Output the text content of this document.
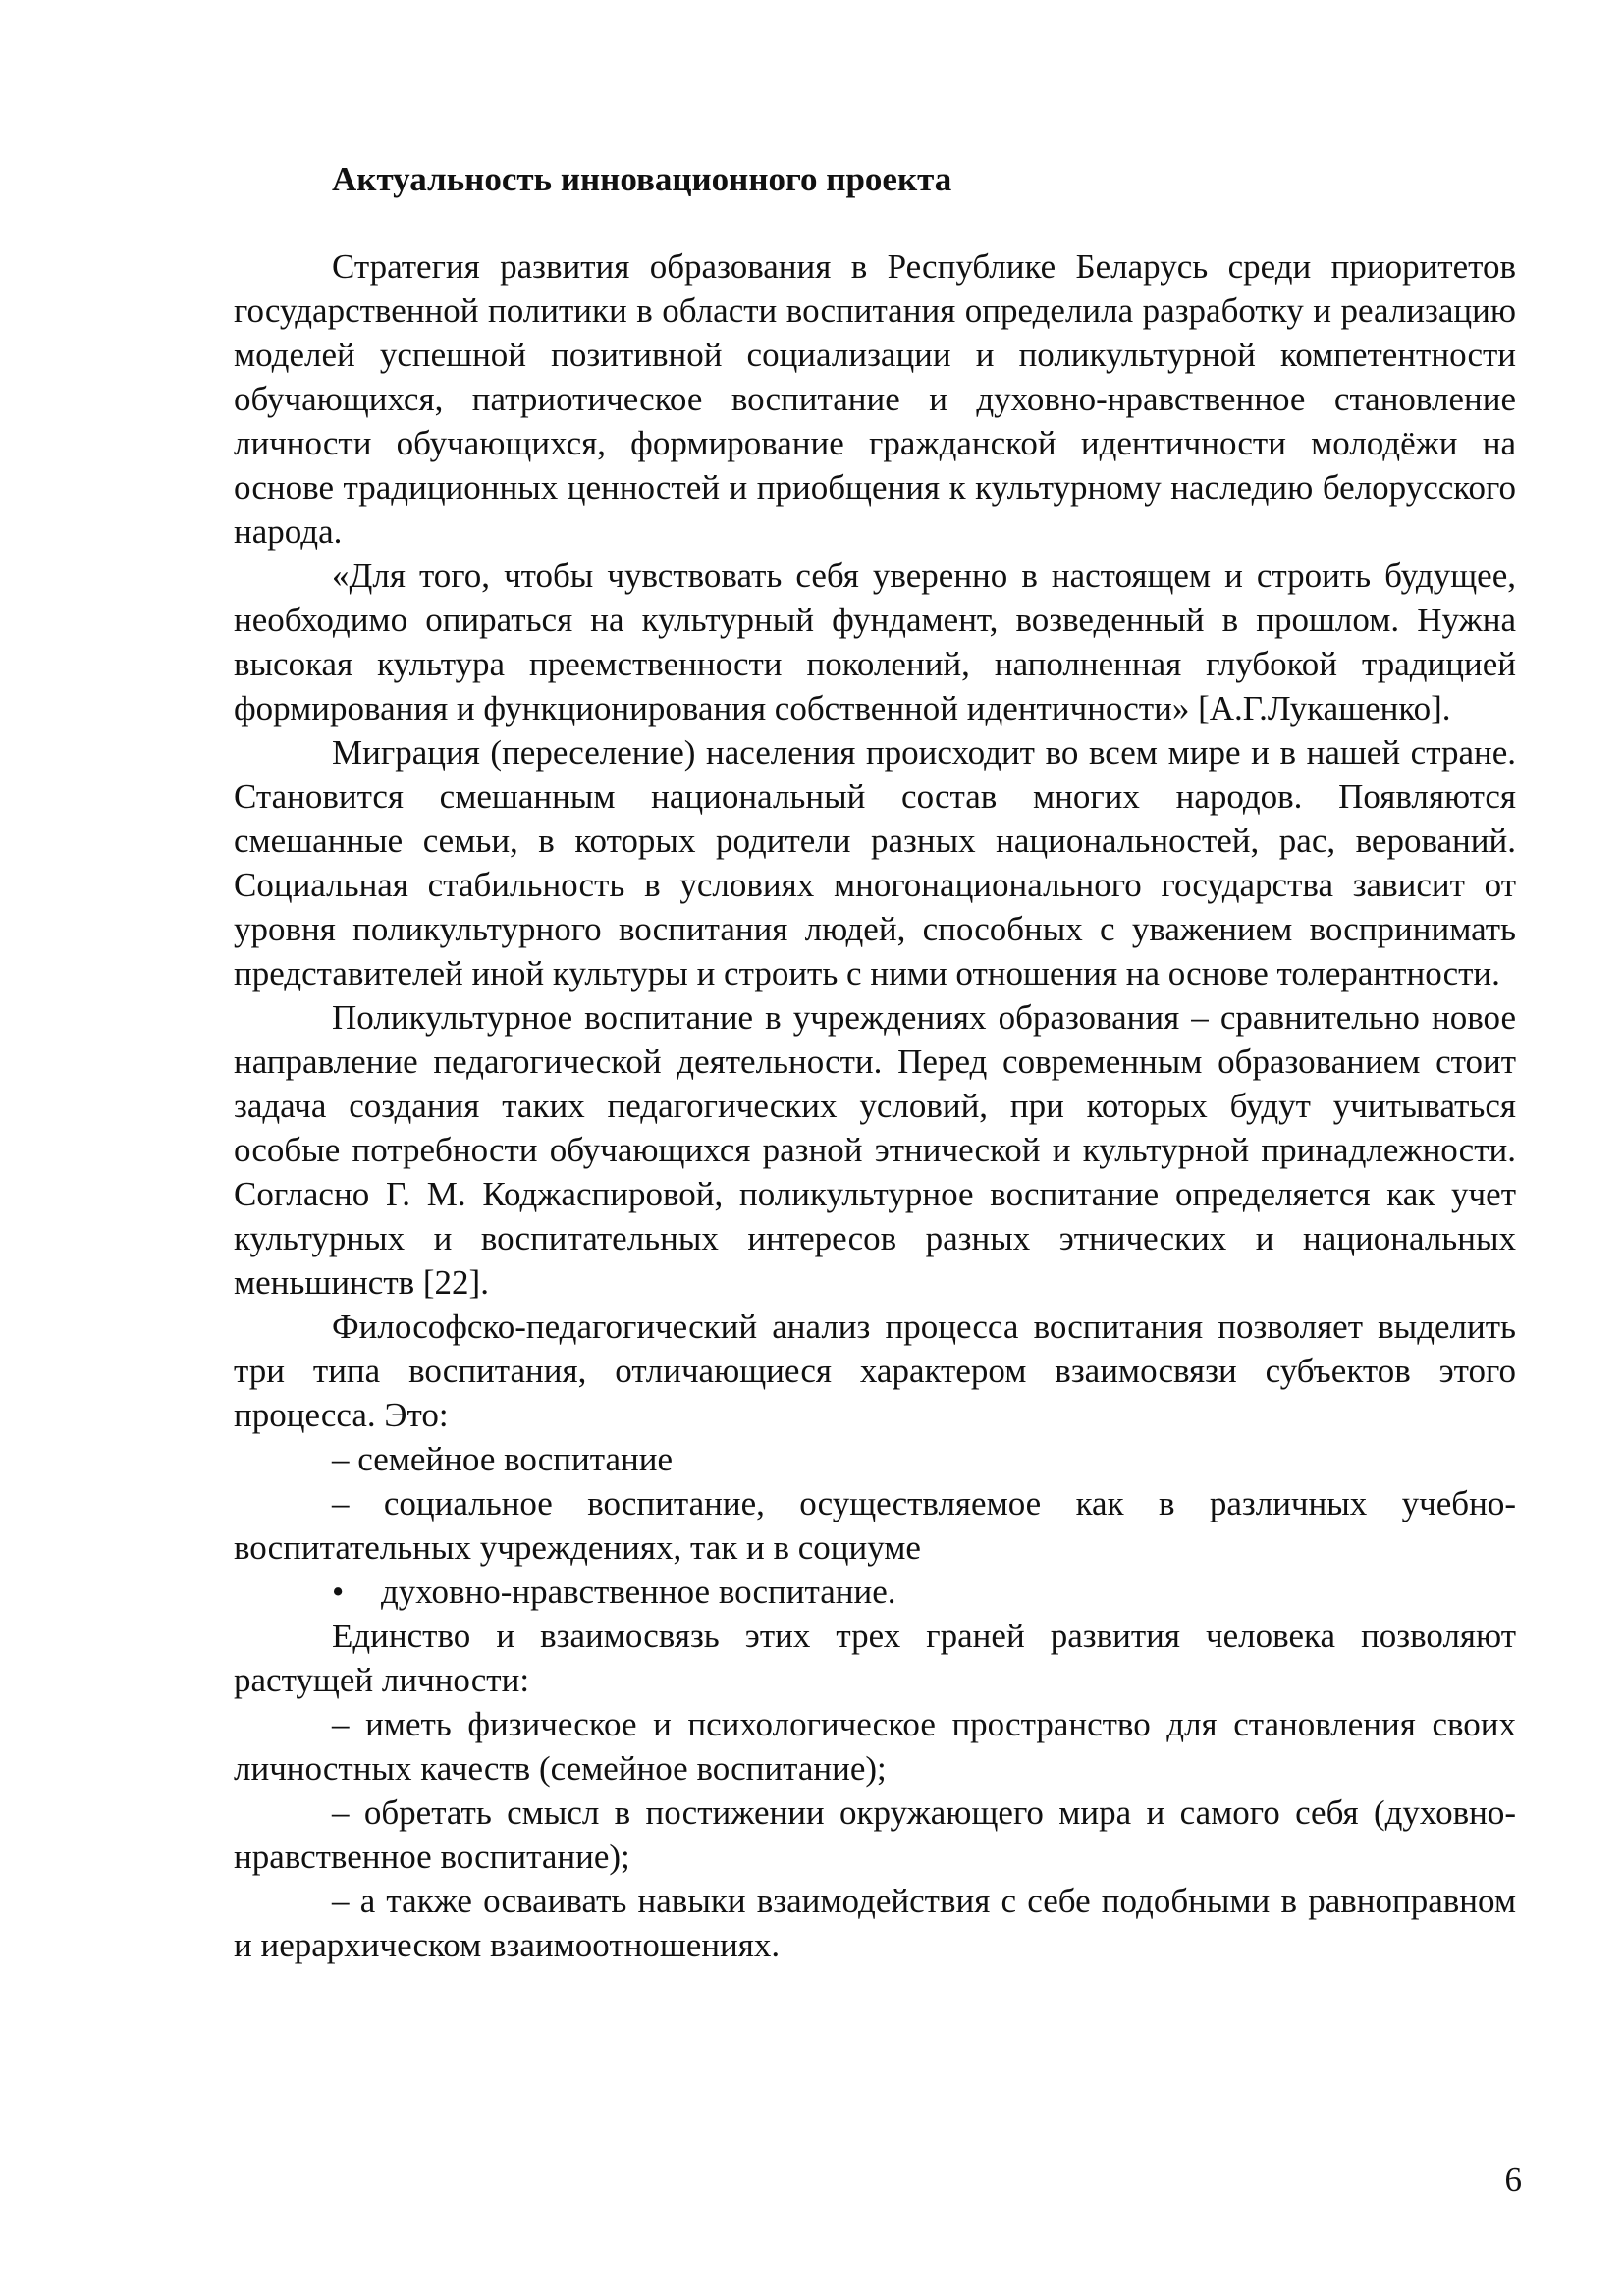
Актуальность инновационного проекта

Стратегия развития образования в Республике Беларусь среди приоритетов государственной политики в области воспитания определила разработку и реализацию моделей успешной позитивной социализации и поликультурной компетентности обучающихся, патриотическое воспитание и духовно-нравственное становление личности обучающихся, формирование гражданской идентичности молодёжи на основе традиционных ценностей и приобщения к культурному наследию белорусского народа.

«Для того, чтобы чувствовать себя уверенно в настоящем и строить будущее, необходимо опираться на культурный фундамент, возведенный в прошлом. Нужна высокая культура преемственности поколений, наполненная глубокой традицией формирования и функционирования собственной идентичности» [А.Г.Лукашенко].

Миграция (переселение) населения происходит во всем мире и в нашей стране. Становится смешанным национальный состав многих народов. Появляются смешанные семьи, в которых родители разных национальностей, рас, верований. Социальная стабильность в условиях многонационального государства зависит от уровня поликультурного воспитания людей, способных с уважением воспринимать представителей иной культуры и строить с ними отношения на основе толерантности.

Поликультурное воспитание в учреждениях образования – сравнительно новое направление педагогической деятельности. Перед современным образованием стоит задача создания таких педагогических условий, при которых будут учитываться особые потребности обучающихся разной этнической и культурной принадлежности. Согласно Г. М. Коджаспировой, поликультурное воспитание определяется как учет культурных и воспитательных интересов разных этнических и национальных меньшинств [22].

Философско-педагогический анализ процесса воспитания позволяет выделить три типа воспитания, отличающиеся характером взаимосвязи субъектов этого процесса. Это:

– семейное воспитание

– социальное воспитание, осуществляемое как в различных учебно-воспитательных учреждениях, так и в социуме

• духовно-нравственное воспитание.

Единство и взаимосвязь этих трех граней развития человека позволяют растущей личности:

– иметь физическое и психологическое пространство для становления своих личностных качеств (семейное воспитание);

– обретать смысл в постижении окружающего мира и самого себя (духовно-нравственное воспитание);

– а также осваивать навыки взаимодействия с себе подобными в равноправном и иерархическом взаимоотношениях.

6
